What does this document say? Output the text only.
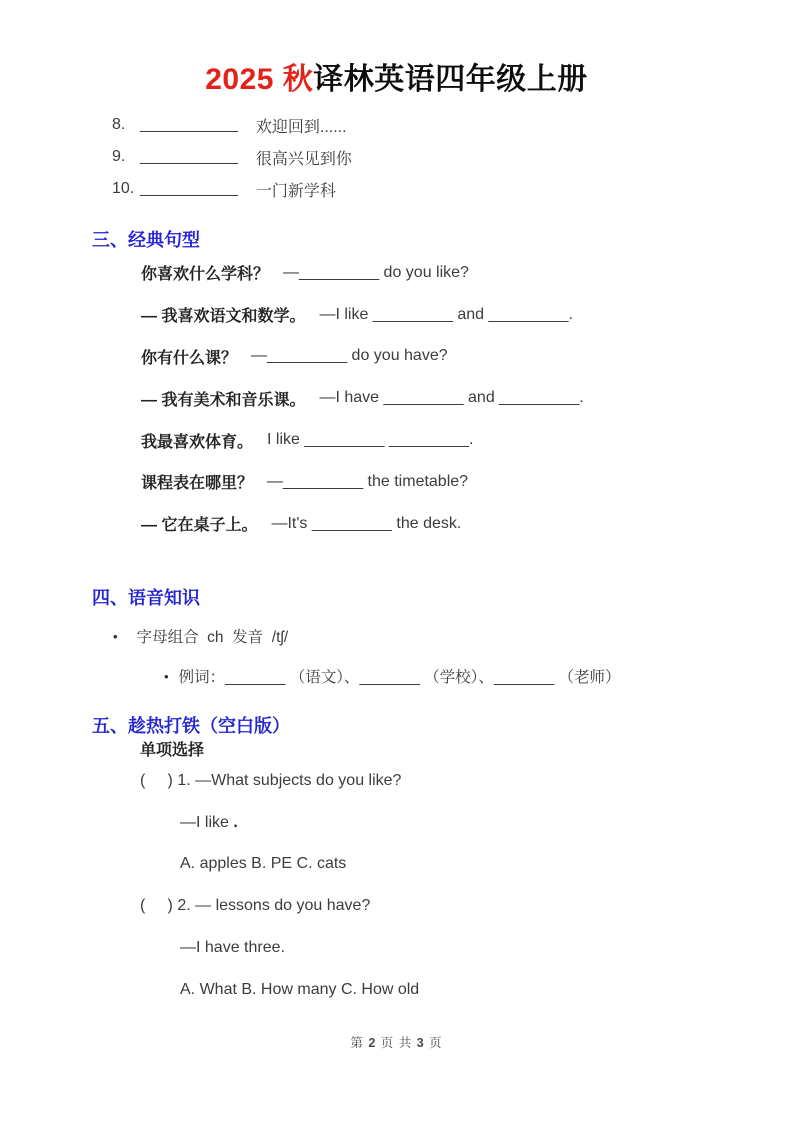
2025 秋译林英语四年级上册
8. ___________ 欢迎回到......
9. ___________ 很高兴见到你
10. ___________ 一门新学科
三、经典句型
你喜欢什么学科？ —_________ do you like?
— 我喜欢语文和数学。 —I like _________ and _________.
你有什么课？ —_________ do you have?
— 我有美术和音乐课。 —I have _________ and _________.
我最喜欢体育。 I like _________ _________.
课程表在哪里？ —_________ the timetable?
— 它在桌子上。 —It's _________ the desk.
四、语音知识
• 字母组合  ch  发音  /tʃ/
• 例词：_______ （语文）、_______ （学校）、_______ （老师）
五、趁热打铁（空白版）
单项选择
(     ) 1. —What subjects do you like?
—I like .
A. apples B. PE C. cats
(     ) 2. — lessons do you have?
—I have three.
A. What B. How many C. How old
第 2 页 共 3 页
